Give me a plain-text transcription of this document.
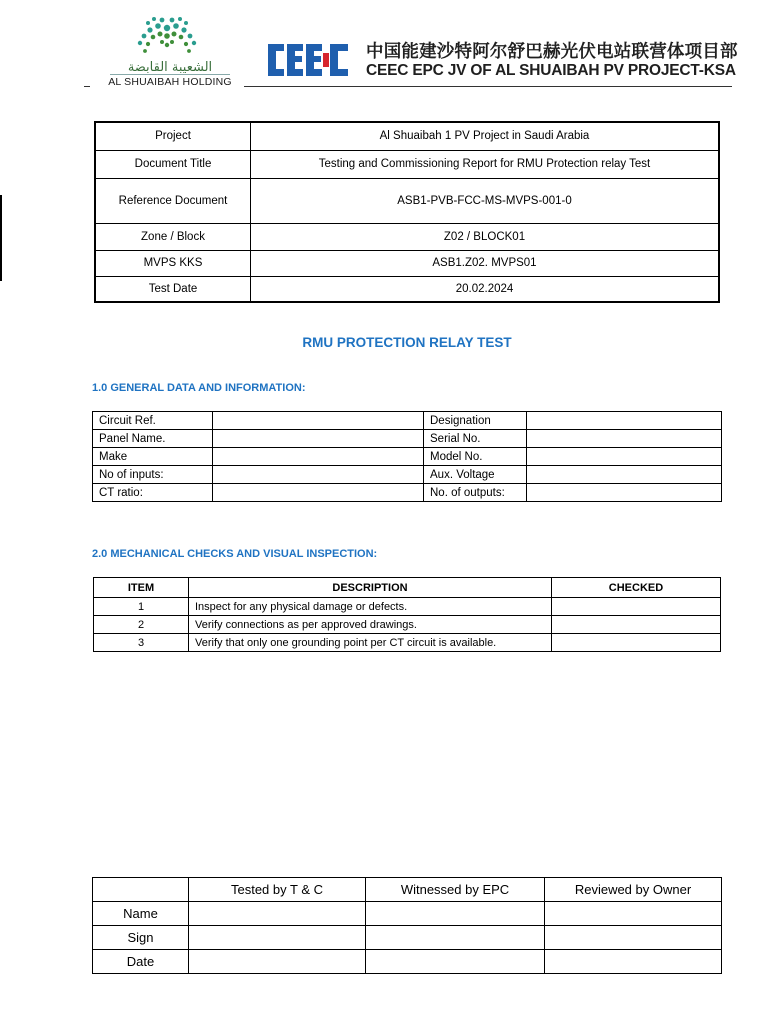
الشعيبة القابضة
AL SHUAIBAH HOLDING
中国能建沙特阿尔舒巴赫光伏电站联营体项目部
CEEC EPC JV OF AL SHUAIBAH PV PROJECT-KSA
Project	Al Shuaibah 1 PV Project in Saudi Arabia
Document Title	Testing and Commissioning Report for RMU Protection relay Test
Reference Document	ASB1-PVB-FCC-MS-MVPS-001-0
Zone / Block	Z02 / BLOCK01
MVPS KKS	ASB1.Z02. MVPS01
Test Date	20.02.2024
RMU PROTECTION RELAY TEST
1.0 GENERAL DATA AND INFORMATION:
Circuit Ref.		Designation	
Panel Name.		Serial No.	
Make		Model No.	
No of inputs:		Aux. Voltage	
CT ratio:		No. of outputs:	
2.0 MECHANICAL CHECKS AND VISUAL INSPECTION:
ITEM	DESCRIPTION	CHECKED
1	Inspect for any physical damage or defects.	
2	Verify connections as per approved drawings.	
3	Verify that only one grounding point per CT circuit is available.	
	Tested by T & C	Witnessed by EPC	Reviewed by Owner
Name			
Sign			
Date			
